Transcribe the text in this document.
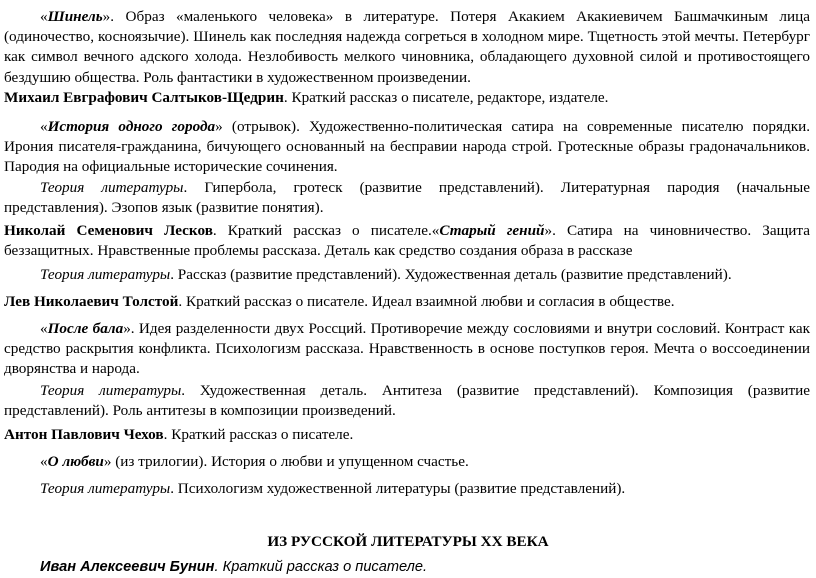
«Шинель». Образ «маленького человека» в литературе. Потеря Акакием Акакиевичем Башмачкиным лица (одиночество, косноязычие). Шинель как последняя надежда согреться в холодном мире. Тщетность этой мечты. Петербург как символ вечного адского холода. Незлобивость мелкого чиновника, обладающего духовной силой и противостоящего бездушию общества. Роль фантастики в художественном произведении.

Михаил Евграфович Салтыков-Щедрин. Краткий рассказ о писателе, редакторе, издателе.

«История одного города» (отрывок). Художественно-политическая сатира на современные писателю порядки. Ирония писателя-гражданина, бичующего основанный на бесправии народа строй. Гротескные образы градоначальников. Пародия на официальные исторические сочинения.

Теория литературы. Гипербола, гротеск (развитие представлений). Литературная пародия (начальные представления). Эзопов язык (развитие понятия).

Николай Семенович Лесков. Краткий рассказ о писателе.«Старый гений». Сатира на чиновничество. Защита беззащитных. Нравственные проблемы рассказа. Деталь как средство создания образа в рассказе

Теория литературы. Рассказ (развитие представлений). Художественная деталь (развитие представлений).

Лев Николаевич Толстой. Краткий рассказ о писателе. Идеал взаимной любви и согласия в обществе.

«После бала». Идея разделенности двух Россций. Противоречие между сословиями и внутри сословий. Контраст как средство раскрытия конфликта. Психологизм рассказа. Нравственность в основе поступков героя. Мечта о воссоединении дворянства и народа.

Теория литературы. Художественная деталь. Антитеза (развитие представлений). Композиция (развитие представлений). Роль антитезы в композиции произведений.

Антон Павлович Чехов. Краткий рассказ о писателе.

«О любви» (из трилогии). История о любви и упущенном счастье.

Теория литературы. Психологизм художественной литературы (развитие представлений).

ИЗ РУССКОЙ ЛИТЕРАТУРЫ ХХ ВЕКА

Иван Алексеевич Бунин. Краткий рассказ о писателе.
